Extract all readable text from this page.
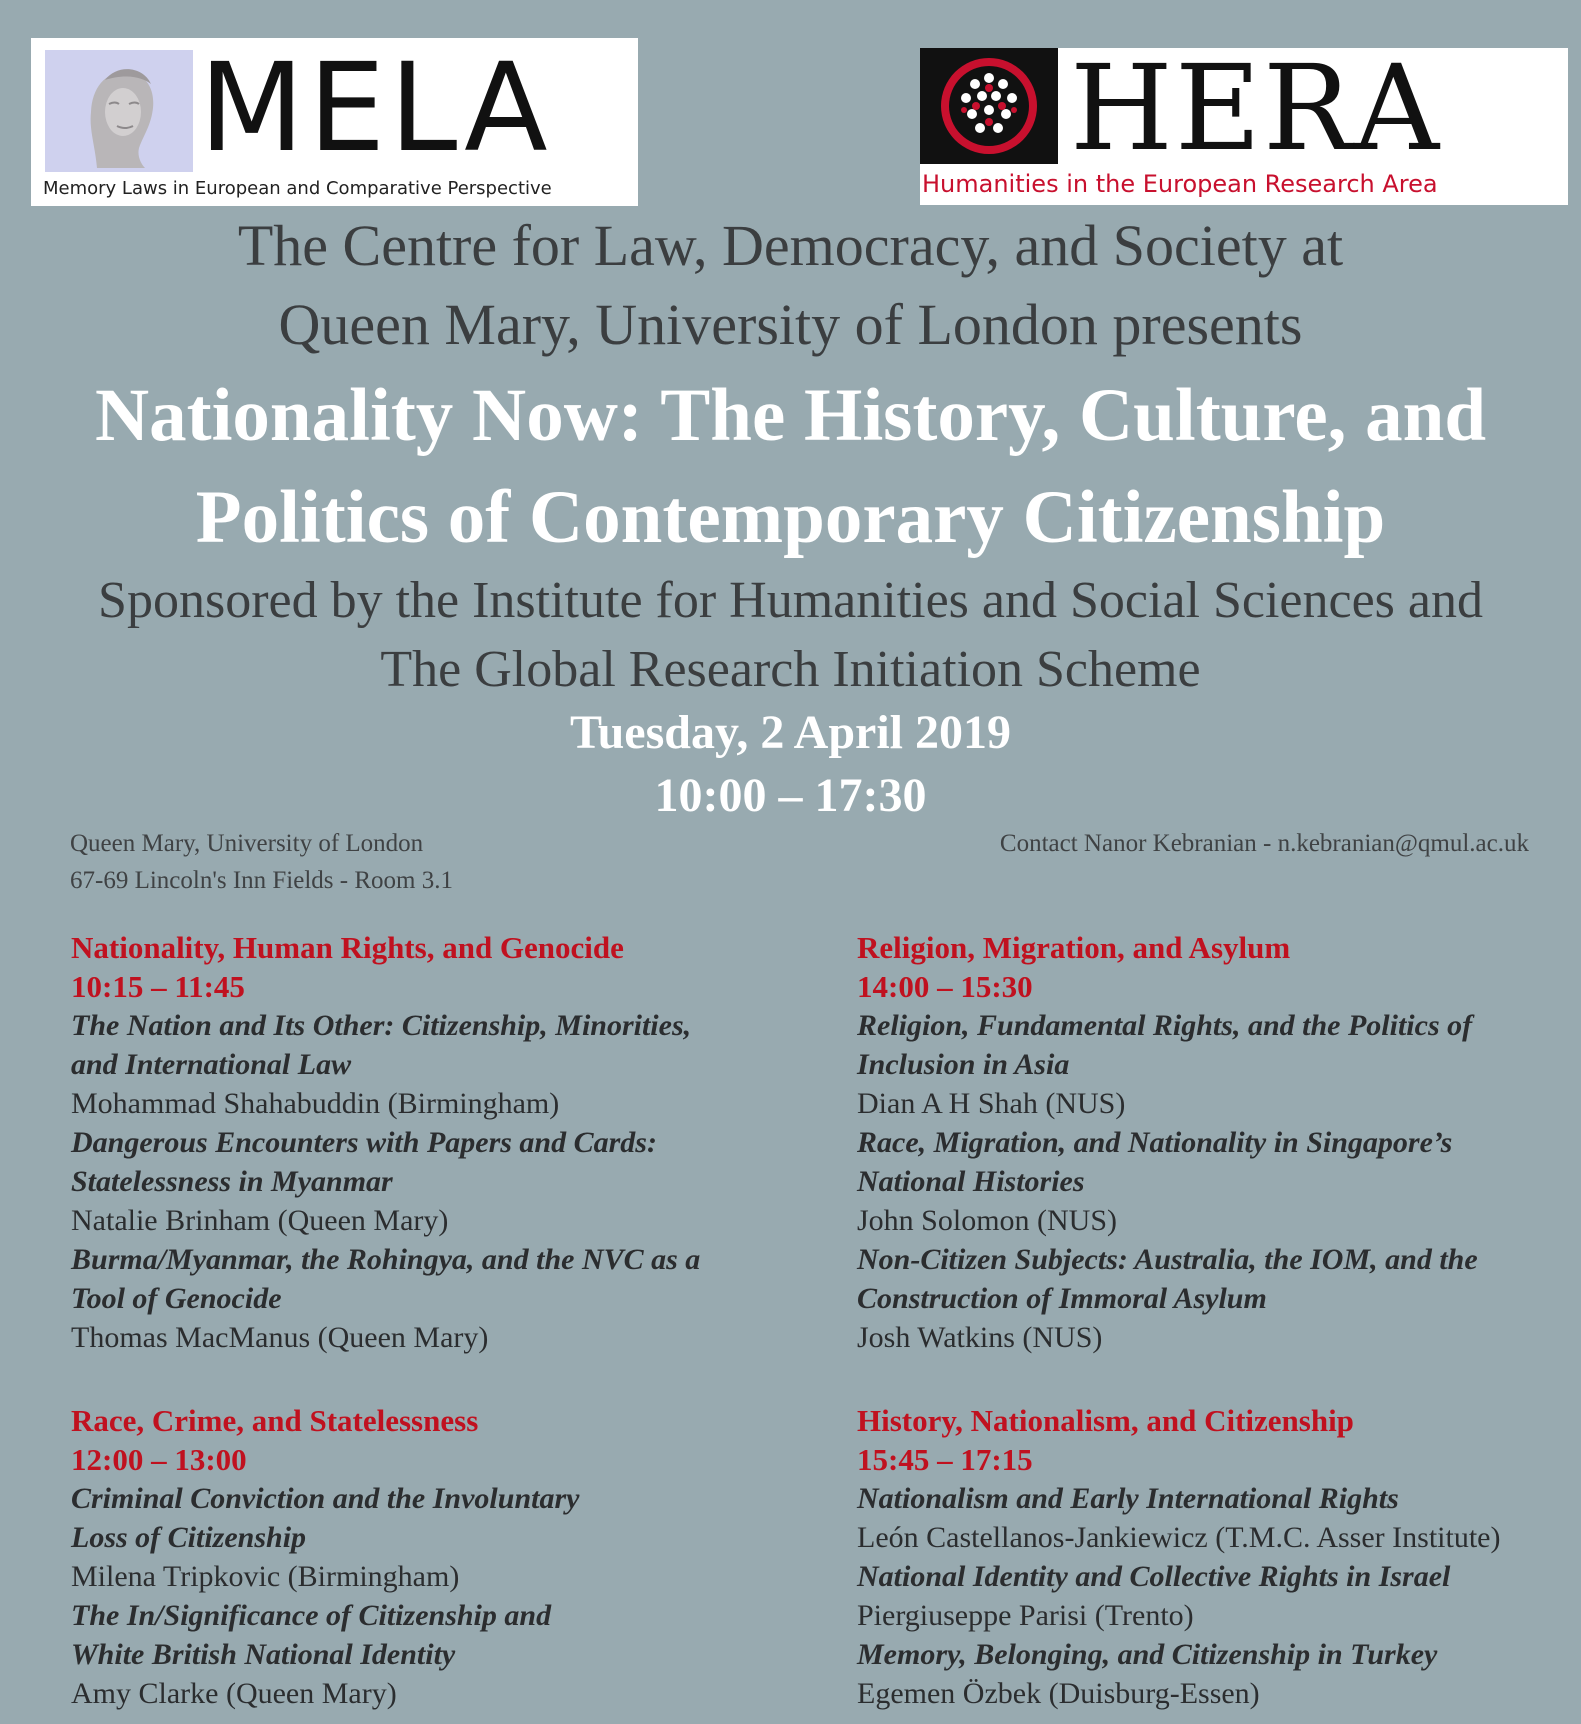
MELA
Memory Laws in European and Comparative Perspective
HERA
Humanities in the European Research Area
The Centre for Law, Democracy, and Society at
Queen Mary, University of London presents
Nationality Now: The History, Culture, and
Politics of Contemporary Citizenship
Sponsored by the Institute for Humanities and Social Sciences and
The Global Research Initiation Scheme
Tuesday, 2 April 2019
10:00 – 17:30
Queen Mary, University of London
67-69 Lincoln's Inn Fields - Room 3.1
Contact Nanor Kebranian - n.kebranian@qmul.ac.uk
Nationality, Human Rights, and Genocide
10:15 – 11:45
The Nation and Its Other: Citizenship, Minorities, and International Law
Mohammad Shahabuddin (Birmingham)
Dangerous Encounters with Papers and Cards: Statelessness in Myanmar
Natalie Brinham (Queen Mary)
Burma/Myanmar, the Rohingya, and the NVC as a Tool of Genocide
Thomas MacManus (Queen Mary)
Race, Crime, and Statelessness
12:00 – 13:00
Criminal Conviction and the Involuntary Loss of Citizenship
Milena Tripkovic (Birmingham)
The In/Significance of Citizenship and White British National Identity
Amy Clarke (Queen Mary)
Religion, Migration, and Asylum
14:00 – 15:30
Religion, Fundamental Rights, and the Politics of Inclusion in Asia
Dian A H Shah (NUS)
Race, Migration, and Nationality in Singapore’s National Histories
John Solomon (NUS)
Non-Citizen Subjects: Australia, the IOM, and the Construction of Immoral Asylum
Josh Watkins (NUS)
History, Nationalism, and Citizenship
15:45 – 17:15
Nationalism and Early International Rights
León Castellanos-Jankiewicz (T.M.C. Asser Institute)
National Identity and Collective Rights in Israel
Piergiuseppe Parisi (Trento)
Memory, Belonging, and Citizenship in Turkey
Egemen Özbek (Duisburg-Essen)
